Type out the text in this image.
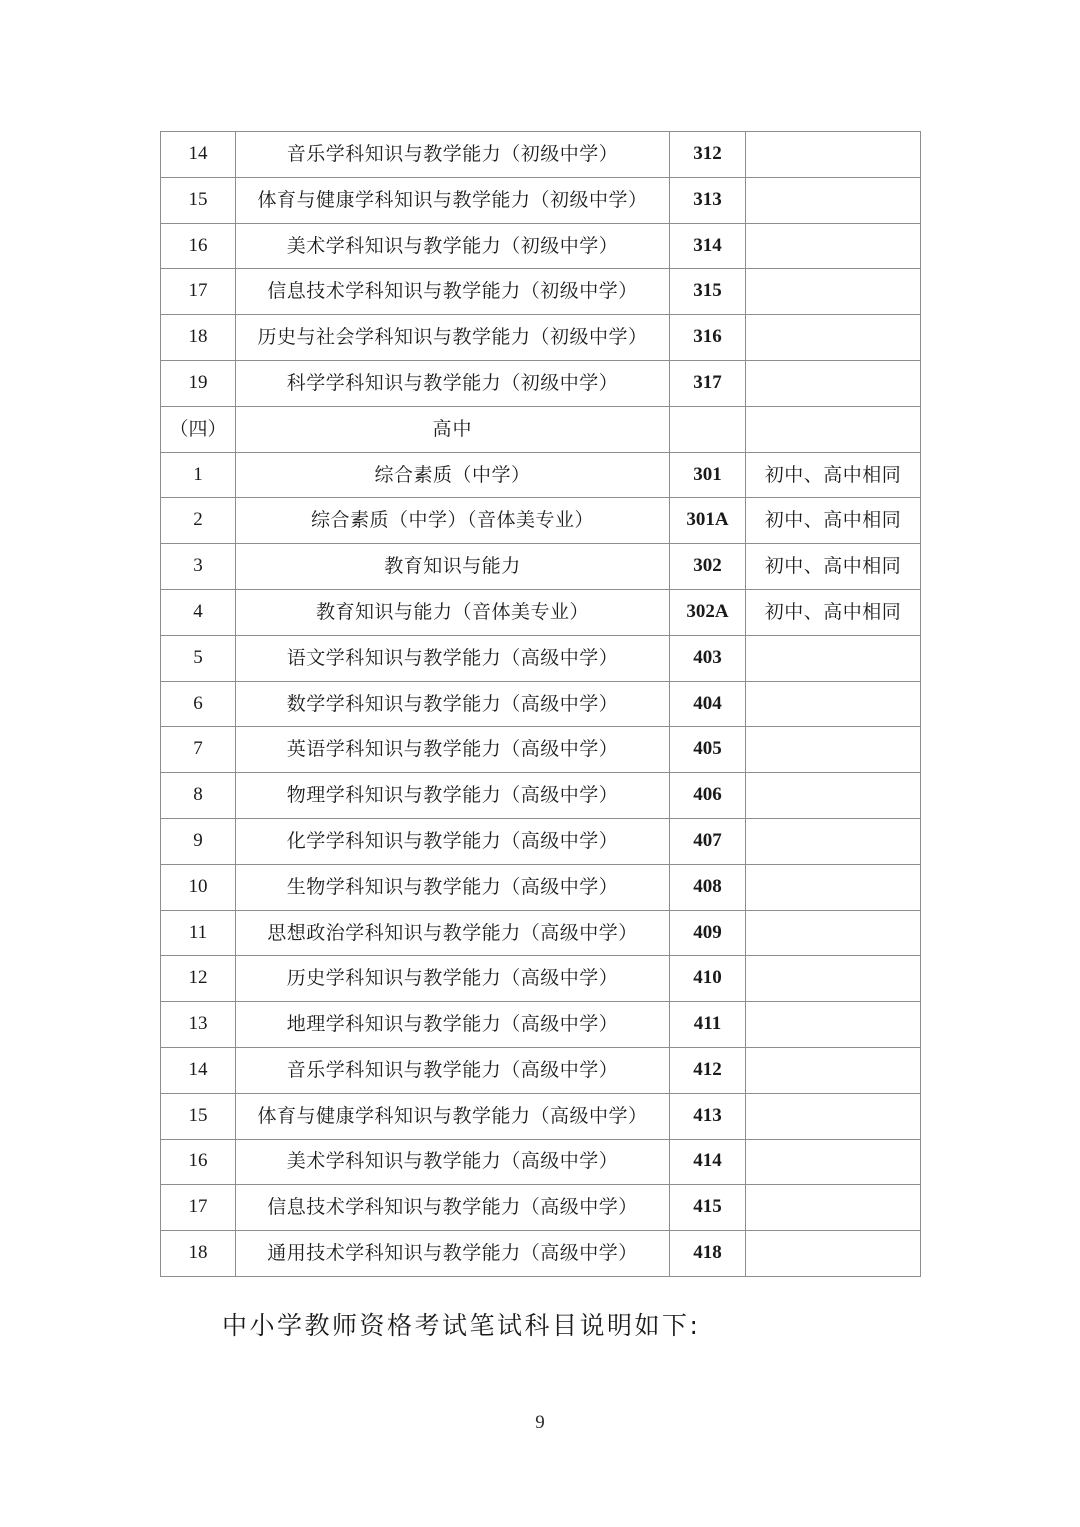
14	音乐学科知识与教学能力（初级中学）	312	
15	体育与健康学科知识与教学能力（初级中学）	313	
16	美术学科知识与教学能力（初级中学）	314	
17	信息技术学科知识与教学能力（初级中学）	315	
18	历史与社会学科知识与教学能力（初级中学）	316	
19	科学学科知识与教学能力（初级中学）	317	
（四）	高中		
1	综合素质（中学）	301	初中、高中相同
2	综合素质（中学）（音体美专业）	301A	初中、高中相同
3	教育知识与能力	302	初中、高中相同
4	教育知识与能力（音体美专业）	302A	初中、高中相同
5	语文学科知识与教学能力（高级中学）	403	
6	数学学科知识与教学能力（高级中学）	404	
7	英语学科知识与教学能力（高级中学）	405	
8	物理学科知识与教学能力（高级中学）	406	
9	化学学科知识与教学能力（高级中学）	407	
10	生物学科知识与教学能力（高级中学）	408	
11	思想政治学科知识与教学能力（高级中学）	409	
12	历史学科知识与教学能力（高级中学）	410	
13	地理学科知识与教学能力（高级中学）	411	
14	音乐学科知识与教学能力（高级中学）	412	
15	体育与健康学科知识与教学能力（高级中学）	413	
16	美术学科知识与教学能力（高级中学）	414	
17	信息技术学科知识与教学能力（高级中学）	415	
18	通用技术学科知识与教学能力（高级中学）	418	
中小学教师资格考试笔试科目说明如下:
9
